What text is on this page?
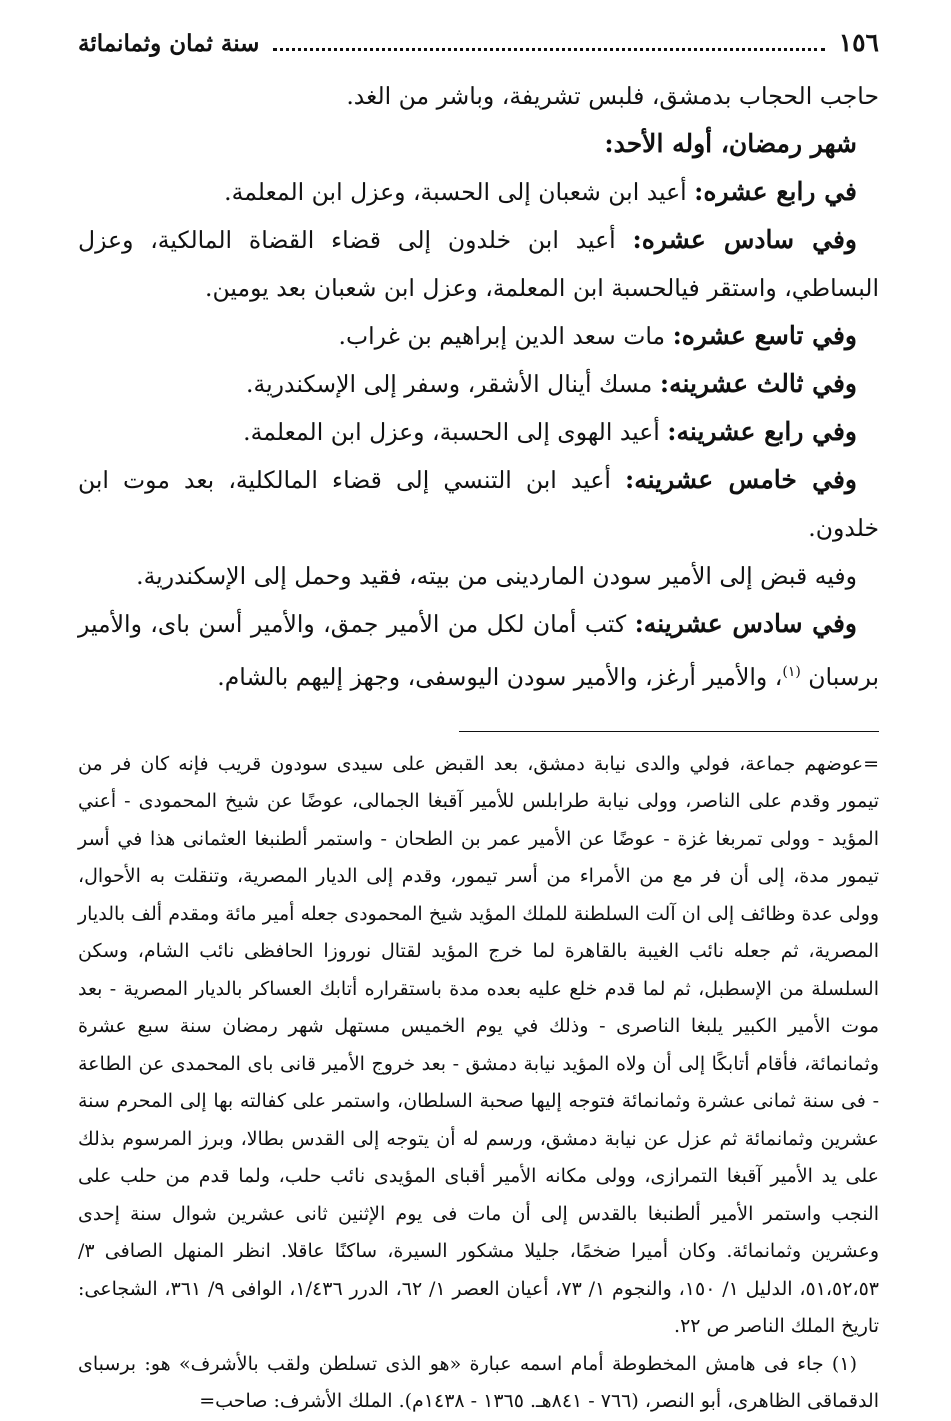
١٥٦
سنة ثمان وثمانمائة

حاجب الحجاب بدمشق، فلبس تشريفة، وباشر من الغد.

شهر رمضان، أوله الأحد:

في رابع عشره: أعيد ابن شعبان إلى الحسبة، وعزل ابن المعلمة.

وفي سادس عشره: أعيد ابن خلدون إلى قضاء القضاة المالكية، وعزل البساطي، واستقر فيالحسبة ابن المعلمة، وعزل ابن شعبان بعد يومين.

وفي تاسع عشره: مات سعد الدين إبراهيم بن غراب.

وفي ثالث عشرينه: مسك أينال الأشقر، وسفر إلى الإسكندرية.

وفي رابع عشرينه: أعيد الهوى إلى الحسبة، وعزل ابن المعلمة.

وفي خامس عشرينه: أعيد ابن التنسي إلى قضاء المالكلية، بعد موت ابن خلدون.

وفيه قبض إلى الأمير سودن الماردينى من بيته، فقيد وحمل إلى الإسكندرية.

وفي سادس عشرينه: كتب أمان لكل من الأمير جمق، والأمير أسن باى، والأمير برسبان $^{(١)}$، والأمير أرغز، والأمير سودن اليوسفى، وجهز إليهم بالشام.

=عوضهم جماعة، فولي والدى نيابة دمشق، بعد القبض على سيدى سودون قريب فإنه كان فر من تيمور وقدم على الناصر، وولى نيابة طرابلس للأمير آقبغا الجمالى، عوضًا عن شيخ المحمودى - أعني المؤيد - وولى تمربغا غزة - عوضًا عن الأمير عمر بن الطحان - واستمر ألطنبغا العثمانى هذا في أسر تيمور مدة، إلى أن فر مع من الأمراء من أسر تيمور، وقدم إلى الديار المصرية، وتنقلت به الأحوال، وولى عدة وظائف إلى ان آلت السلطنة للملك المؤيد شيخ المحمودى جعله أمير مائة ومقدم ألف بالديار المصرية، ثم جعله نائب الغيبة بالقاهرة لما خرج المؤيد لقتال نوروزا الحافظى نائب الشام، وسكن السلسلة من الإسطبل، ثم لما قدم خلع عليه بعده مدة باستقراره أتابك العساكر بالديار المصرية - بعد موت الأمير الكبير يلبغا الناصرى - وذلك في يوم الخميس مستهل شهر رمضان سنة سبع عشرة وثمانمائة، فأقام أتابكًا إلى أن ولاه المؤيد نيابة دمشق - بعد خروج الأمير قانى باى المحمدى عن الطاعة - فى سنة ثمانى عشرة وثمانمائة فتوجه إليها صحبة السلطان، واستمر على كفالته بها إلى المحرم سنة عشرين وثمانمائة ثم عزل عن نيابة دمشق، ورسم له أن يتوجه إلى القدس بطالا، وبرز المرسوم بذلك على يد الأمير آقبغا التمرازى، وولى مكانه الأمير أقباى المؤيدى نائب حلب، ولما قدم من حلب على النجب واستمر الأمير ألطنبغا بالقدس إلى أن مات فى يوم الإثنين ثانى عشرين شوال سنة إحدى وعشرين وثمانمائة. وكان أميرا ضخمًا، جليلا مشكور السيرة، ساكنًا عاقلا. انظر المنهل الصافى ٣/ ٥١،٥٢،٥٣، الدليل ١/ ١٥٠، والنجوم ١/ ٧٣، أعيان العصر ١/ ٦٢، الدرر ١/٤٣٦، الوافى ٩/ ٣٦١، الشجاعى: تاريخ الملك الناصر ص ٢٢.

(١) جاء فى هامش المخطوطة أمام اسمه عبارة «هو الذى تسلطن ولقب بالأشرف» هو: برسباى الدقماقى الظاهرى، أبو النصر، (٧٦٦ - ٨٤١هـ. ١٣٦٥ - ١٤٣٨م). الملك الأشرف: صاحب=
